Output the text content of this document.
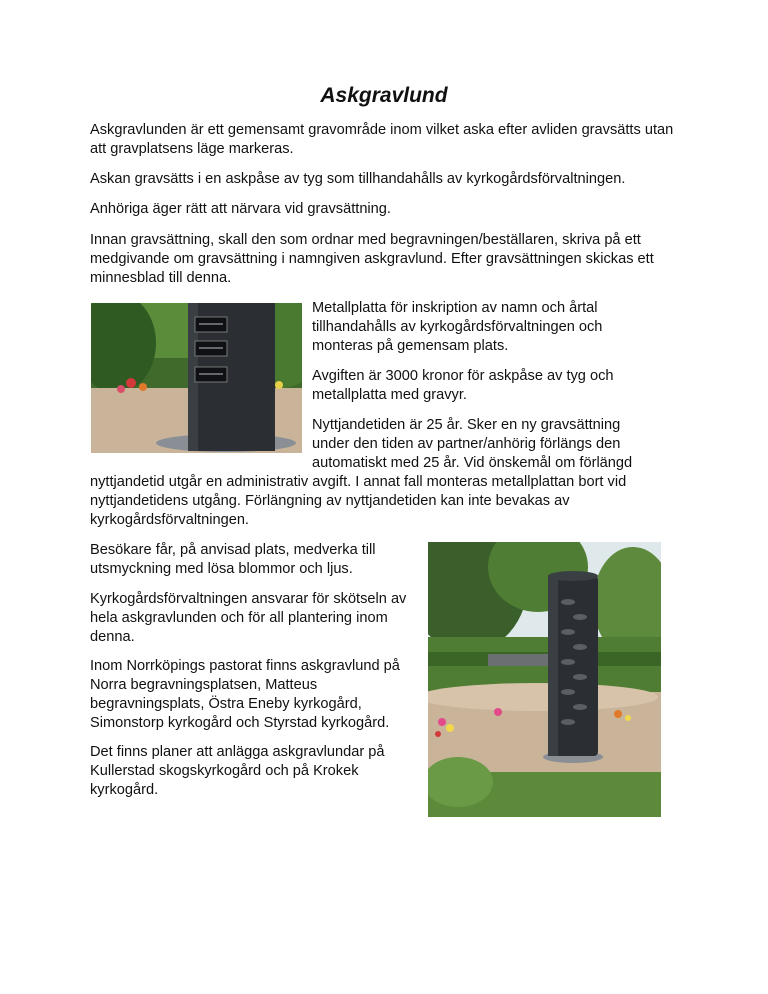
Askgravlund

Askgravlunden är ett gemensamt gravområde inom vilket aska efter avliden gravsätts utan att gravplatsens läge markeras.

Askan gravsätts i en askpåse av tyg som tillhandahålls av kyrkogårdsförvaltningen.

Anhöriga äger rätt att närvara vid gravsättning.

Innan gravsättning, skall den som ordnar med begravningen/beställaren, skriva på ett medgivande om gravsättning i namngiven askgravlund. Efter gravsättningen skickas ett minnesblad till denna.

Metallplatta för inskription av namn och årtal tillhandahålls av kyrkogårdsförvaltningen och monteras på gemensam plats.

Avgiften är 3000 kronor för askpåse av tyg och metallplatta med gravyr.

Nyttjandetiden är 25 år. Sker en ny gravsättning under den tiden av partner/anhörig förlängs den automatiskt med 25 år. Vid önskemål om förlängd

nyttjandetid utgår en administrativ avgift. I annat fall monteras metallplattan bort vid nyttjandetidens utgång. Förlängning av nyttjandetiden kan inte bevakas av kyrkogårdsförvaltningen.

Besökare får, på anvisad plats, medverka till utsmyckning med lösa blommor och ljus.

Kyrkogårdsförvaltningen ansvarar för skötseln av hela askgravlunden och för all plantering inom denna.

Inom Norrköpings pastorat finns askgravlund på Norra begravningsplatsen, Matteus begravningsplats, Östra Eneby kyrkogård, Simonstorp kyrkogård och Styrstad kyrkogård.

Det finns planer att anlägga askgravlundar på Kullerstad skogskyrkogård och på Krokek kyrkogård.
